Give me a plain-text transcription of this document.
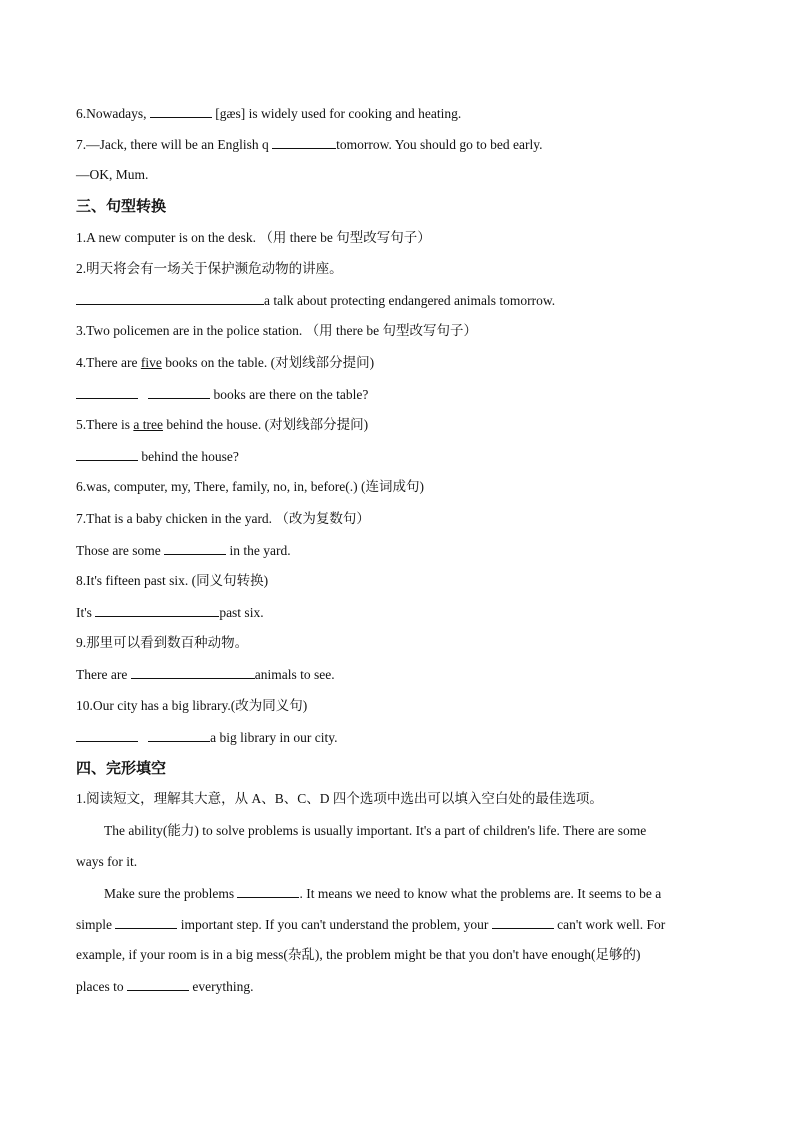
6.Nowadays,	[gæs] is widely used for cooking and heating.
7.—Jack, there will be an English q	tomorrow. You should go to bed early.
—OK, Mum.
三、句型转换
1.A new computer is on the desk. （用 there be 句型改写句子）
2.明天将会有一场关于保护濒危动物的讲座。
a talk about protecting endangered animals tomorrow.
3.Two policemen are in the police station. （用 there be 句型改写句子）
4.There are five books on the table. (对划线部分提问)
books are there on the table?
5.There is a tree behind the house. (对划线部分提问)
behind the house?
6.was, computer, my, There, family, no, in, before(.) (连词成句)
7.That is a baby chicken in the yard. （改为复数句）
Those are some	in the yard.
8.It's fifteen past six. (同义句转换)
It's	past six.
9.那里可以看到数百种动物。
There are	animals to see.
10.Our city has a big library.(改为同义句)
a big library in our city.
四、完形填空
1.阅读短文，理解其大意，从 A、B、C、D 四个选项中选出可以填入空白处的最佳选项。
The ability(能力) to solve problems is usually important. It's a part of children's life. There are some
ways for it.
Make sure the problems	. It means we need to know what the problems are. It seems to be a
simple	important step. If you can't understand the problem, your	can't work well. For
example, if your room is in a big mess(杂乱), the problem might be that you don't have enough(足够的)
places to	everything.
